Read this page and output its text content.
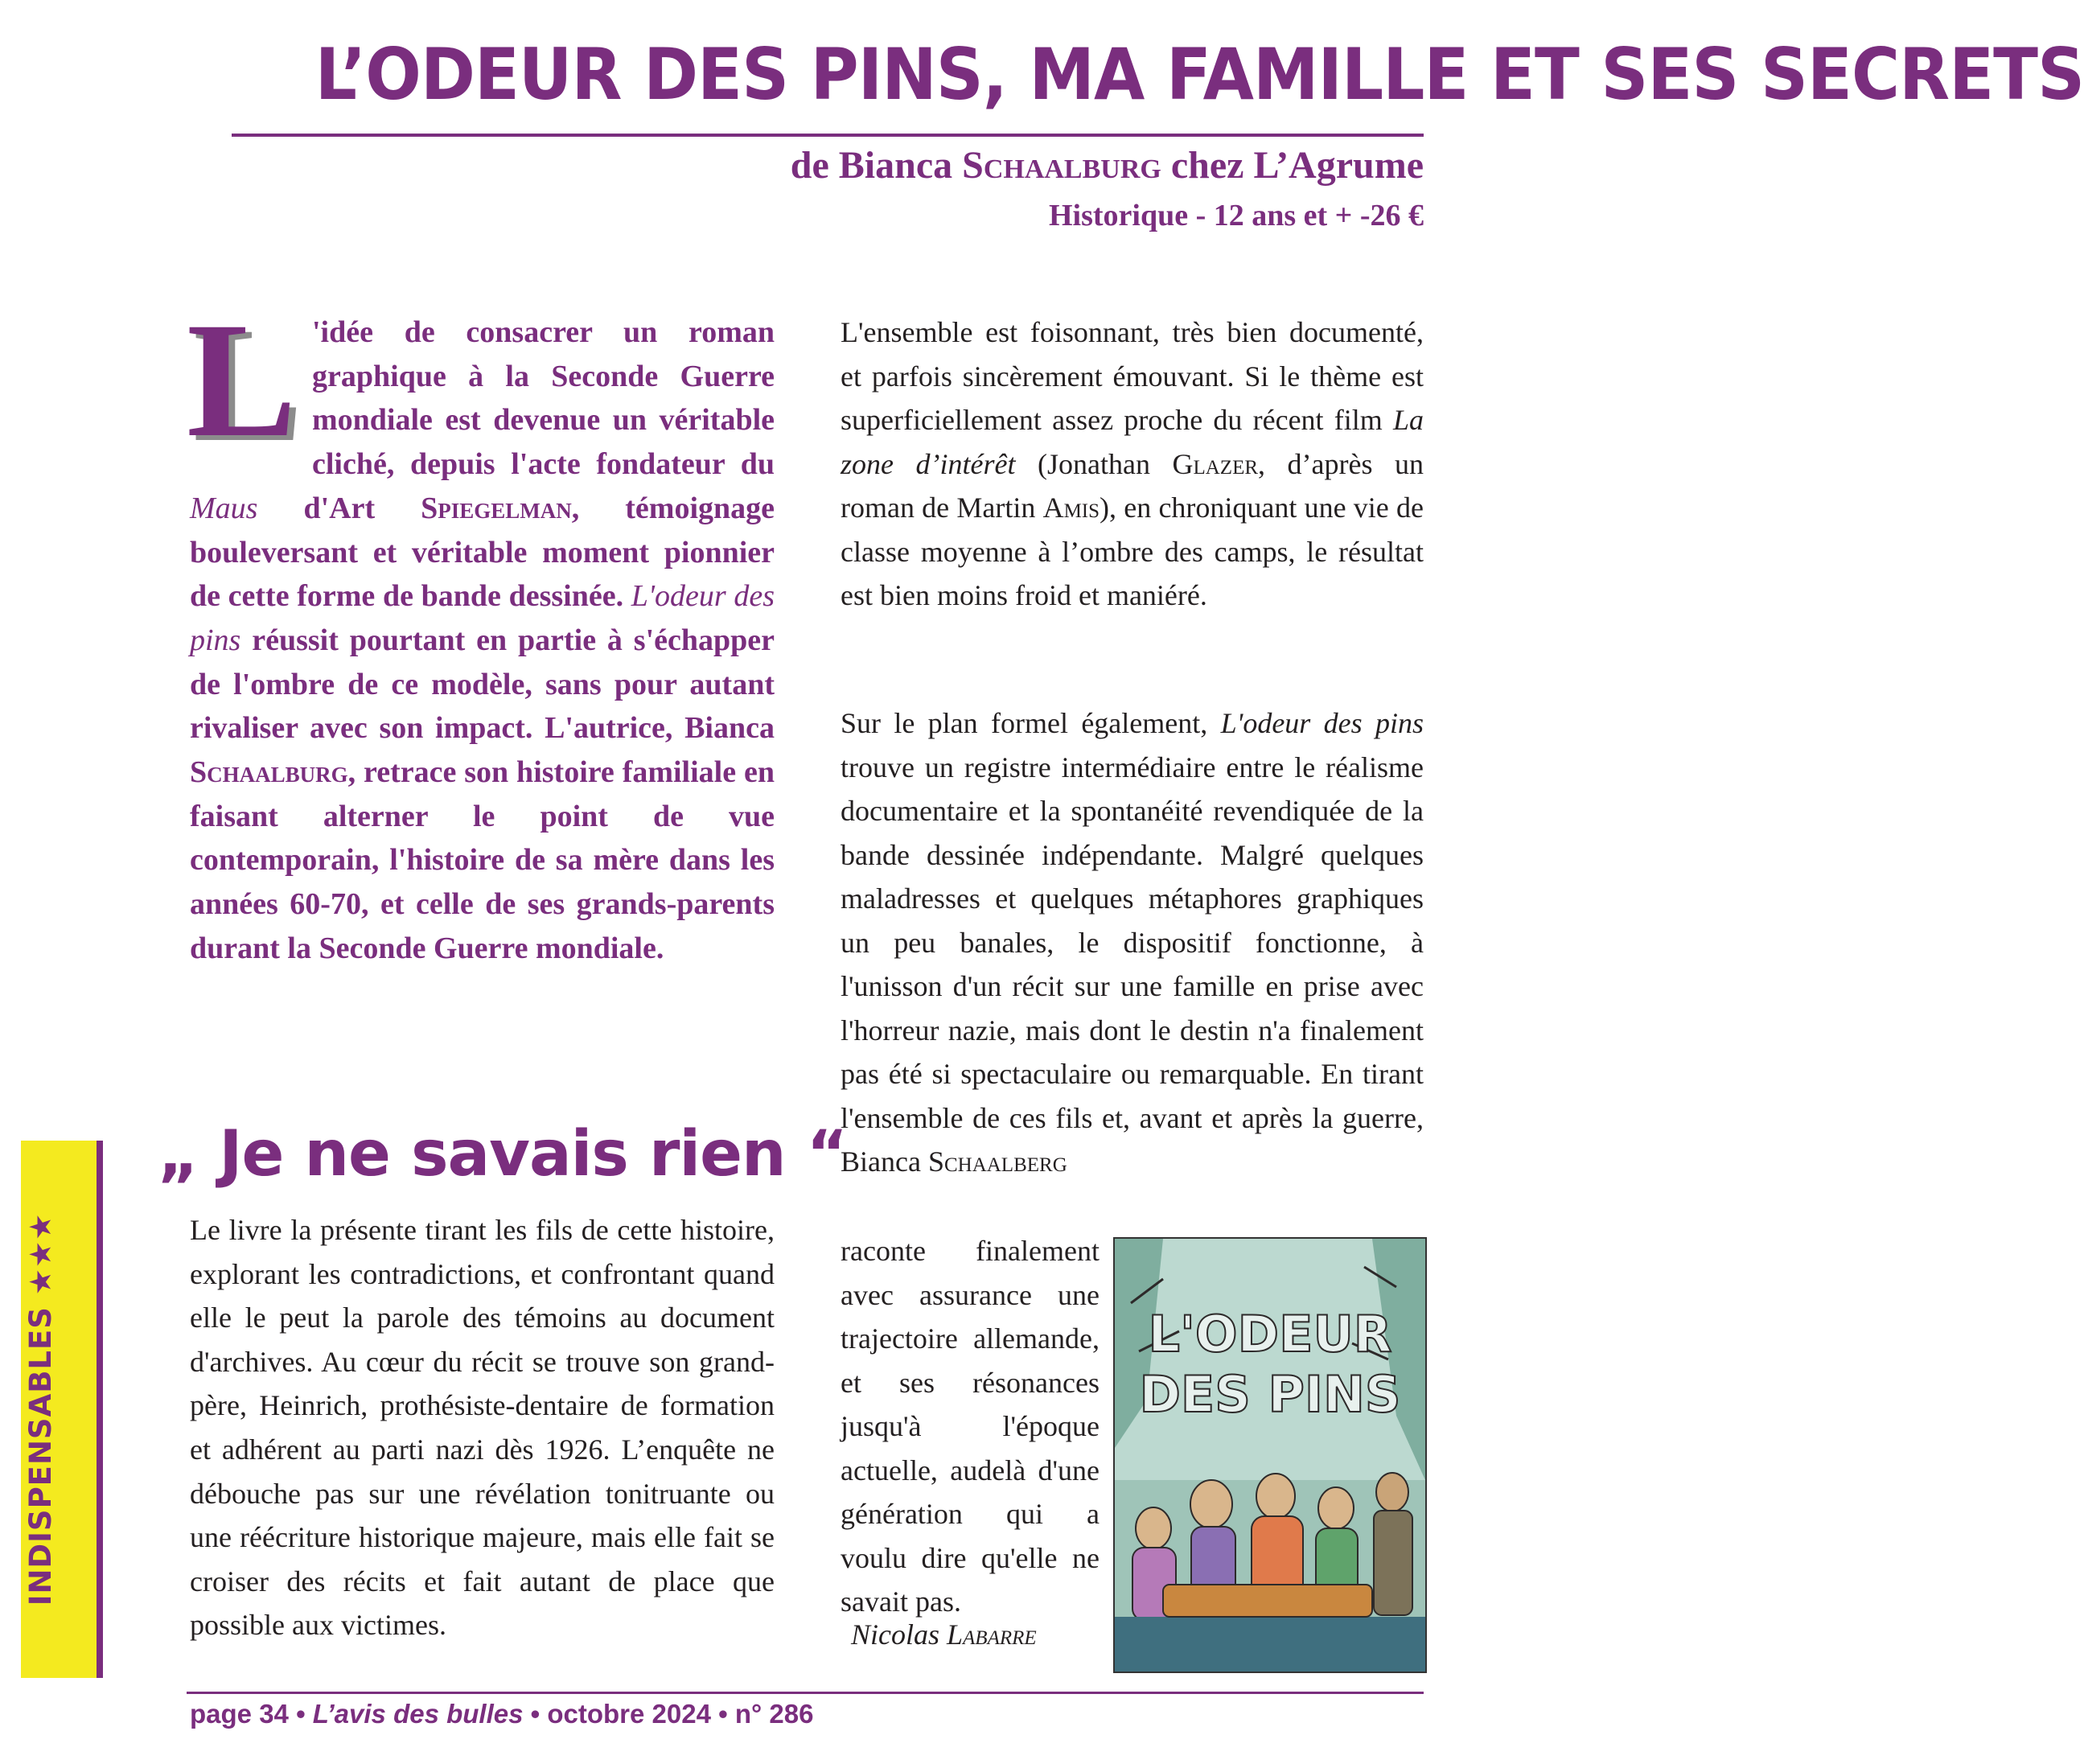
L’ODEUR DES PINS, MA FAMILLE ET SES SECRETS
de Bianca Schaalburg chez L’Agrume
Historique - 12 ans et + -26 €
L 'idée de consacrer un roman graphique à la Seconde Guerre mondiale est devenue un véritable cliché, depuis l'acte fondateur du Maus d'Art Spiegelman, témoignage bouleversant et véritable moment pionnier de cette forme de bande dessinée. L'odeur des pins réussit pourtant en partie à s'échapper de l'ombre de ce modèle, sans pour autant rivaliser avec son impact. L'autrice, Bianca Schaalburg, retrace son histoire familiale en faisant alterner le point de vue contemporain, l'histoire de sa mère dans les années 60-70, et celle de ses grands-parents durant la Seconde Guerre mondiale.
„ Je ne savais rien “
Le livre la présente tirant les fils de cette histoire, explorant les contradictions, et confrontant quand elle le peut la parole des témoins au document d'archives. Au cœur du récit se trouve son grand-père, Heinrich, prothésiste-dentaire de formation et adhérent au parti nazi dès 1926. L’enquête ne débouche pas sur une révélation tonitruante ou une réécriture historique majeure, mais elle fait se croiser des récits et fait autant de place que possible aux victimes.
L'ensemble est foisonnant, très bien documenté, et parfois sincèrement émouvant. Si le thème est superficiellement assez proche du récent film La zone d’intérêt (Jonathan Glazer, d’après un roman de Martin Amis), en chroniquant une vie de classe moyenne à l’ombre des camps, le résultat est bien moins froid et maniéré.
Sur le plan formel également, L'odeur des pins trouve un registre intermédiaire entre le réalisme documentaire et la spontanéité revendiquée de la bande dessinée indépendante. Malgré quelques maladresses et quelques métaphores graphiques un peu banales, le dispositif fonctionne, à l'unisson d'un récit sur une famille en prise avec l'horreur nazie, mais dont le destin n'a finalement pas été si spectaculaire ou remarquable. En tirant l'ensemble de ces fils et, avant et après la guerre, Bianca Schaalberg
raconte finalement avec assurance une trajectoire allemande, et ses résonances jusqu'à l'époque actuelle, audelà d'une génération qui a voulu dire qu'elle ne savait pas.
Nicolas Labarre
L'ODEUR
DES PINS
INDISPENSABLES ★★★
page 34 • L’avis des bulles • octobre 2024 • n° 286
